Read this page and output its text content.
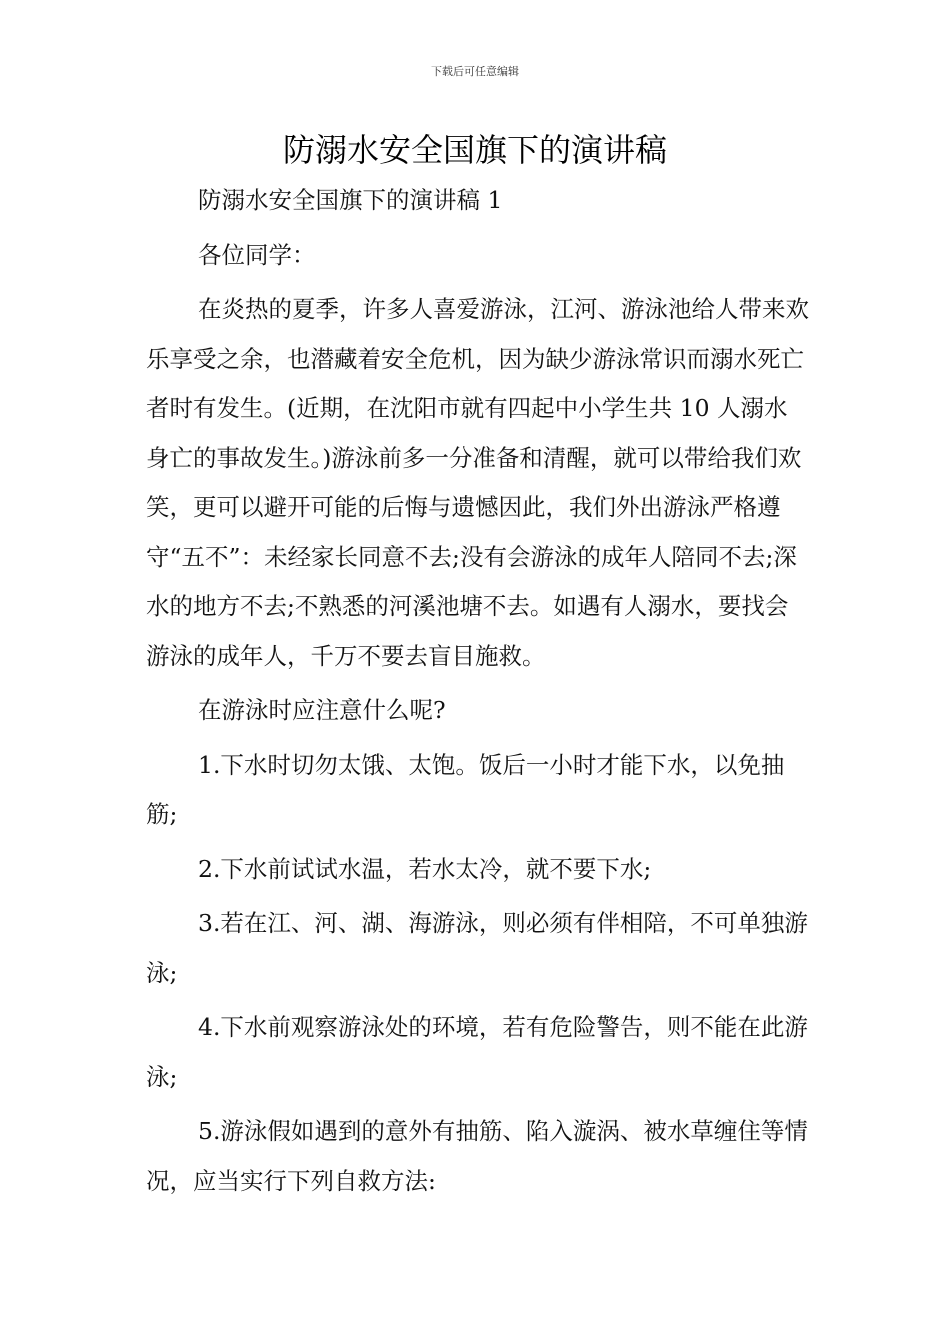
下载后可任意编辑
防溺水安全国旗下的演讲稿

防溺水安全国旗下的演讲稿 1

各位同学：

在炎热的夏季，许多人喜爱游泳，江河、游泳池给人带来欢乐享受之余，也潜藏着安全危机，因为缺少游泳常识而溺水死亡者时有发生。(近期，在沈阳市就有四起中小学生共 10 人溺水身亡的事故发生。)游泳前多一分准备和清醒，就可以带给我们欢笑，更可以避开可能的后悔与遗憾因此，我们外出游泳严格遵守“五不”：未经家长同意不去;没有会游泳的成年人陪同不去;深水的地方不去;不熟悉的河溪池塘不去。如遇有人溺水，要找会游泳的成年人，千万不要去盲目施救。

在游泳时应注意什么呢?

1.下水时切勿太饿、太饱。饭后一小时才能下水，以免抽筋;

2.下水前试试水温，若水太冷，就不要下水;

3.若在江、河、湖、海游泳，则必须有伴相陪，不可单独游泳;

4.下水前观察游泳处的环境，若有危险警告，则不能在此游泳;

5.游泳假如遇到的意外有抽筋、陷入漩涡、被水草缠住等情况，应当实行下列自救方法:
